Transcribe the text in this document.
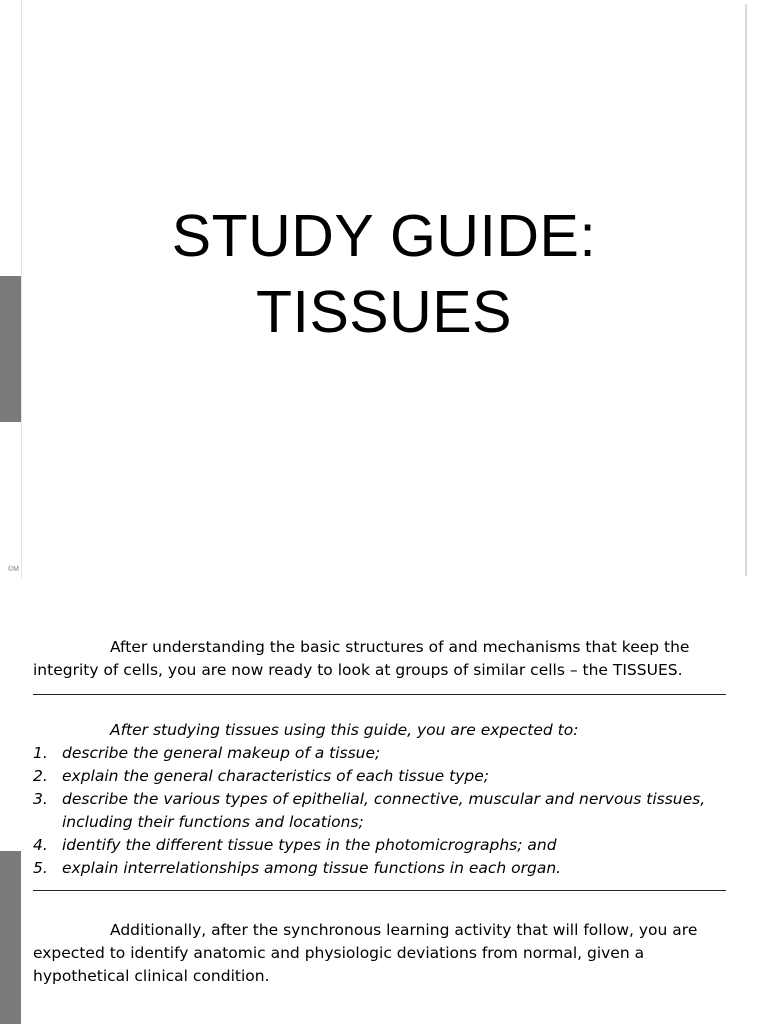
STUDY GUIDE:
TISSUES
©M

After understanding the basic structures of and mechanisms that keep the integrity of cells, you are now ready to look at groups of similar cells – the TISSUES.

After studying tissues using this guide, you are expected to:

1. describe the general makeup of a tissue;
2. explain the general characteristics of each tissue type;
3. describe the various types of epithelial, connective, muscular and nervous tissues, including their functions and locations;
4. identify the different tissue types in the photomicrographs; and
5. explain interrelationships among tissue functions in each organ.

Additionally, after the synchronous learning activity that will follow, you are expected to identify anatomic and physiologic deviations from normal, given a hypothetical clinical condition.
